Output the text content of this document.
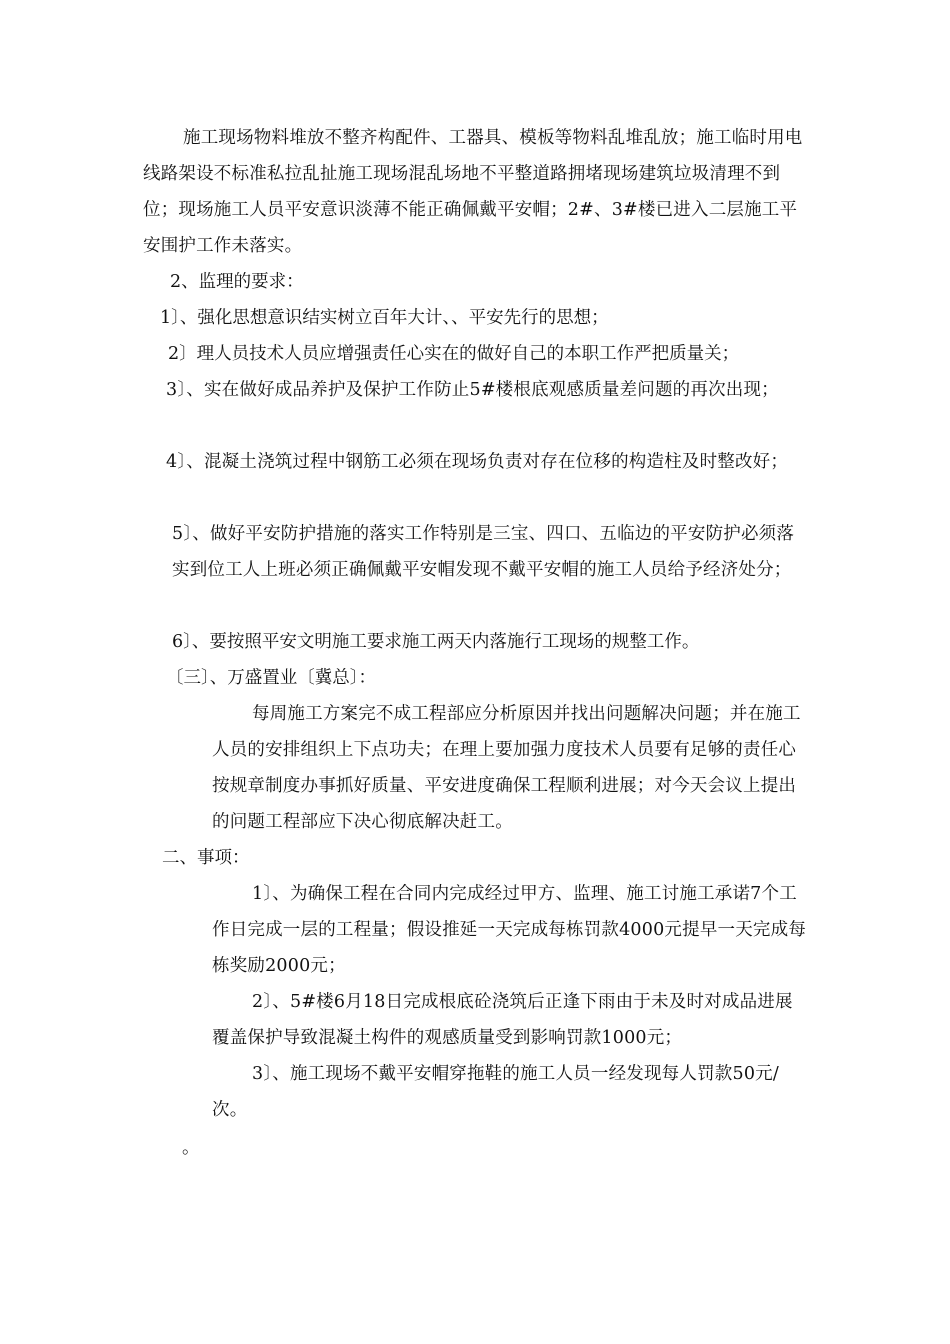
施工现场物料堆放不整齐构配件、工器具、模板等物料乱堆乱放；施工临时用电线路架设不标准私拉乱扯施工现场混乱场地不平整道路拥堵现场建筑垃圾清理不到位；现场施工人员平安意识淡薄不能正确佩戴平安帽；2#、3#楼已进入二层施工平安围护工作未落实。
2、监理的要求：
1〕、强化思想意识结实树立百年大计、、平安先行的思想；
2〕理人员技术人员应增强责任心实在的做好自己的本职工作严把质量关；
3〕、实在做好成品养护及保护工作防止5#楼根底观感质量差问题的再次出现；
4〕、混凝土浇筑过程中钢筋工必须在现场负责对存在位移的构造柱及时整改好；
5〕、做好平安防护措施的落实工作特别是三宝、四口、五临边的平安防护必须落实到位工人上班必须正确佩戴平安帽发现不戴平安帽的施工人员给予经济处分；
6〕、要按照平安文明施工要求施工两天内落施行工现场的规整工作。
〔三〕、万盛置业〔冀总〕：
每周施工方案完不成工程部应分析原因并找出问题解决问题；并在施工人员的安排组织上下点功夫；在理上要加强力度技术人员要有足够的责任心按规章制度办事抓好质量、平安进度确保工程顺利进展；对今天会议上提出的问题工程部应下决心彻底解决赶工。
二、事项：
1〕、为确保工程在合同内完成经过甲方、监理、施工讨施工承诺7个工作日完成一层的工程量；假设推延一天完成每栋罚款4000元提早一天完成每栋奖励2000元；
2〕、5#楼6月18日完成根底砼浇筑后正逢下雨由于未及时对成品进展覆盖保护导致混凝土构件的观感质量受到影响罚款1000元；
3〕、施工现场不戴平安帽穿拖鞋的施工人员一经发现每人罚款50元/次。
。
